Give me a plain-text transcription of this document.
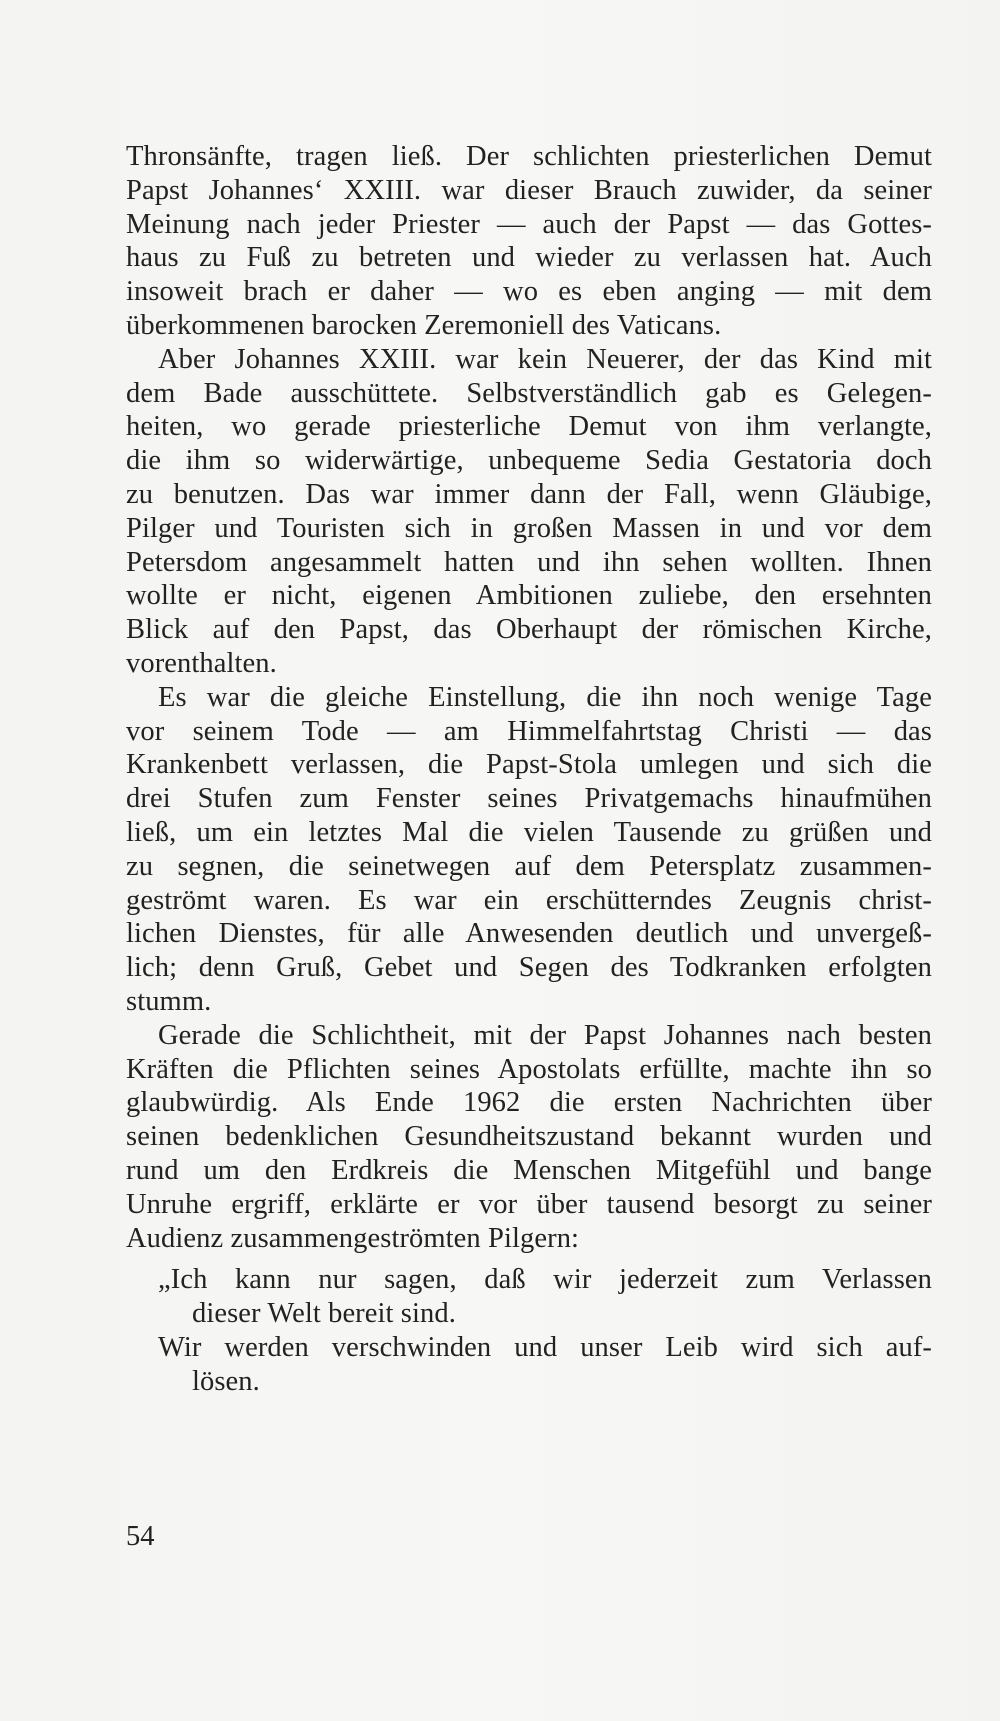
Thronsänfte, tragen ließ. Der schlichten priesterlichen Demut
Papst Johannes‘ XXIII. war dieser Brauch zuwider, da seiner
Meinung nach jeder Priester — auch der Papst — das Gottes-
haus zu Fuß zu betreten und wieder zu verlassen hat. Auch
insoweit brach er daher — wo es eben anging — mit dem
überkommenen barocken Zeremoniell des Vaticans.
Aber Johannes XXIII. war kein Neuerer, der das Kind mit
dem Bade ausschüttete. Selbstverständlich gab es Gelegen-
heiten, wo gerade priesterliche Demut von ihm verlangte,
die ihm so widerwärtige, unbequeme Sedia Gestatoria doch
zu benutzen. Das war immer dann der Fall, wenn Gläubige,
Pilger und Touristen sich in großen Massen in und vor dem
Petersdom angesammelt hatten und ihn sehen wollten. Ihnen
wollte er nicht, eigenen Ambitionen zuliebe, den ersehnten
Blick auf den Papst, das Oberhaupt der römischen Kirche,
vorenthalten.
Es war die gleiche Einstellung, die ihn noch wenige Tage
vor seinem Tode — am Himmelfahrtstag Christi — das
Krankenbett verlassen, die Papst-Stola umlegen und sich die
drei Stufen zum Fenster seines Privatgemachs hinaufmühen
ließ, um ein letztes Mal die vielen Tausende zu grüßen und
zu segnen, die seinetwegen auf dem Petersplatz zusammen-
geströmt waren. Es war ein erschütterndes Zeugnis christ-
lichen Dienstes, für alle Anwesenden deutlich und unvergeß-
lich; denn Gruß, Gebet und Segen des Todkranken erfolgten
stumm.
Gerade die Schlichtheit, mit der Papst Johannes nach besten
Kräften die Pflichten seines Apostolats erfüllte, machte ihn so
glaubwürdig. Als Ende 1962 die ersten Nachrichten über
seinen bedenklichen Gesundheitszustand bekannt wurden und
rund um den Erdkreis die Menschen Mitgefühl und bange
Unruhe ergriff, erklärte er vor über tausend besorgt zu seiner
Audienz zusammengeströmten Pilgern:
„Ich kann nur sagen, daß wir jederzeit zum Verlassen
dieser Welt bereit sind.
Wir werden verschwinden und unser Leib wird sich auf-
lösen.
54
